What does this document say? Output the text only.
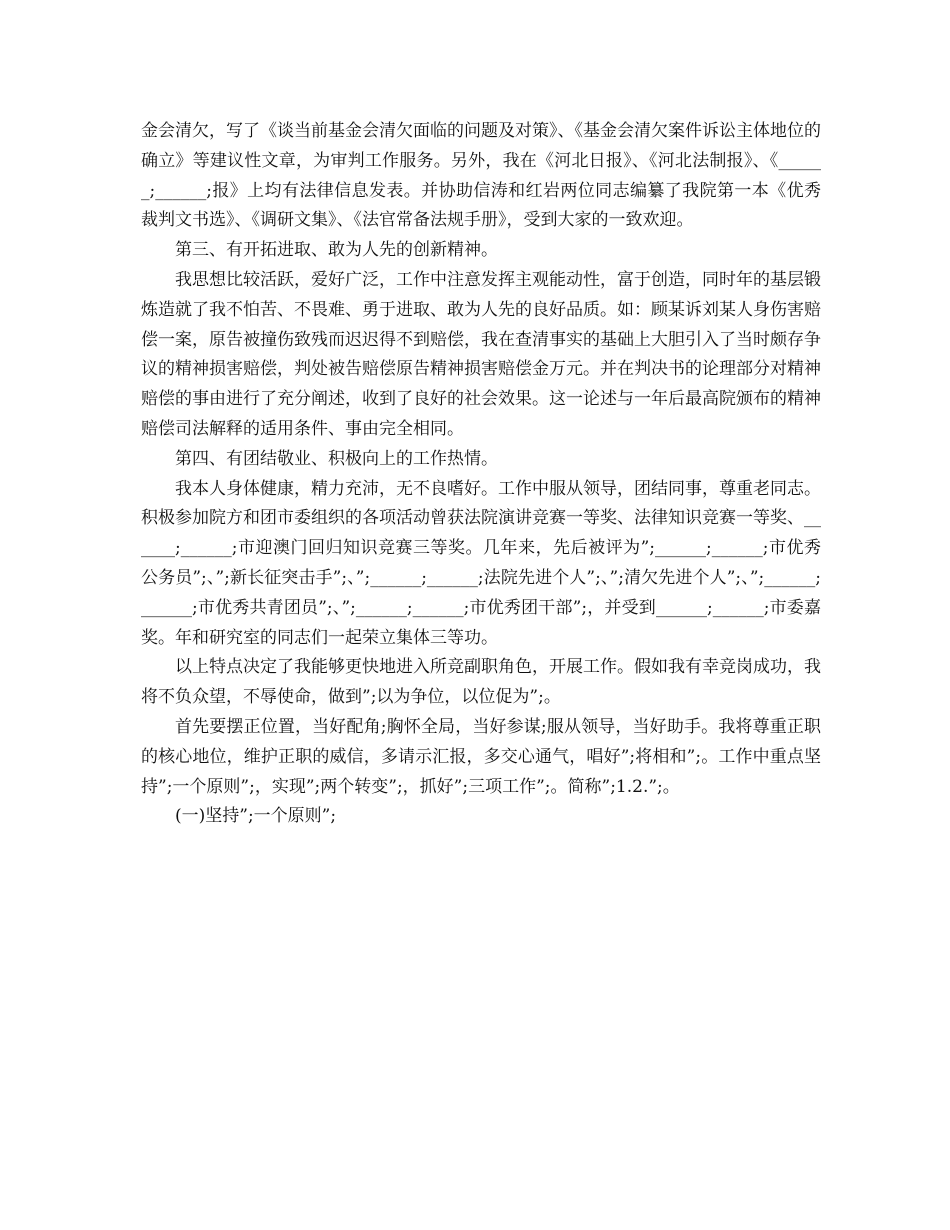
金会清欠，写了《谈当前基金会清欠面临的问题及对策》、《基金会清欠案件诉讼主体地位的确立》等建议性文章，为审判工作服务。另外，我在《河北日报》、《河北法制报》、《______;______;报》上均有法律信息发表。并协助信涛和红岩两位同志编纂了我院第一本《优秀裁判文书选》、《调研文集》、《法官常备法规手册》，受到大家的一致欢迎。

第三、有开拓进取、敢为人先的创新精神。

我思想比较活跃，爱好广泛，工作中注意发挥主观能动性，富于创造，同时年的基层锻炼造就了我不怕苦、不畏难、勇于进取、敢为人先的良好品质。如：顾某诉刘某人身伤害赔偿一案，原告被撞伤致残而迟迟得不到赔偿，我在查清事实的基础上大胆引入了当时颇存争议的精神损害赔偿，判处被告赔偿原告精神损害赔偿金万元。并在判决书的论理部分对精神赔偿的事由进行了充分阐述，收到了良好的社会效果。这一论述与一年后最高院颁布的精神赔偿司法解释的适用条件、事由完全相同。

第四、有团结敬业、积极向上的工作热情。

我本人身体健康，精力充沛，无不良嗜好。工作中服从领导，团结同事，尊重老同志。积极参加院方和团市委组织的各项活动曾获法院演讲竞赛一等奖、法律知识竞赛一等奖、______;______;市迎澳门回归知识竞赛三等奖。几年来，先后被评为”;______;______;市优秀公务员”;、”;新长征突击手”;、”;______;______;法院先进个人”;、”;清欠先进个人”;、”;______;______;市优秀共青团员”;、”;______;______;市优秀团干部”;，并受到______;______;市委嘉奖。年和研究室的同志们一起荣立集体三等功。

以上特点决定了我能够更快地进入所竞副职角色，开展工作。假如我有幸竞岗成功，我将不负众望，不辱使命，做到”;以为争位，以位促为”;。

首先要摆正位置，当好配角;胸怀全局，当好参谋;服从领导，当好助手。我将尊重正职的核心地位，维护正职的威信，多请示汇报，多交心通气，唱好”;将相和”;。工作中重点坚持”;一个原则”;，实现”;两个转变”;，抓好”;三项工作”;。简称”;1.2.”;。

(一)坚持”;一个原则”;
